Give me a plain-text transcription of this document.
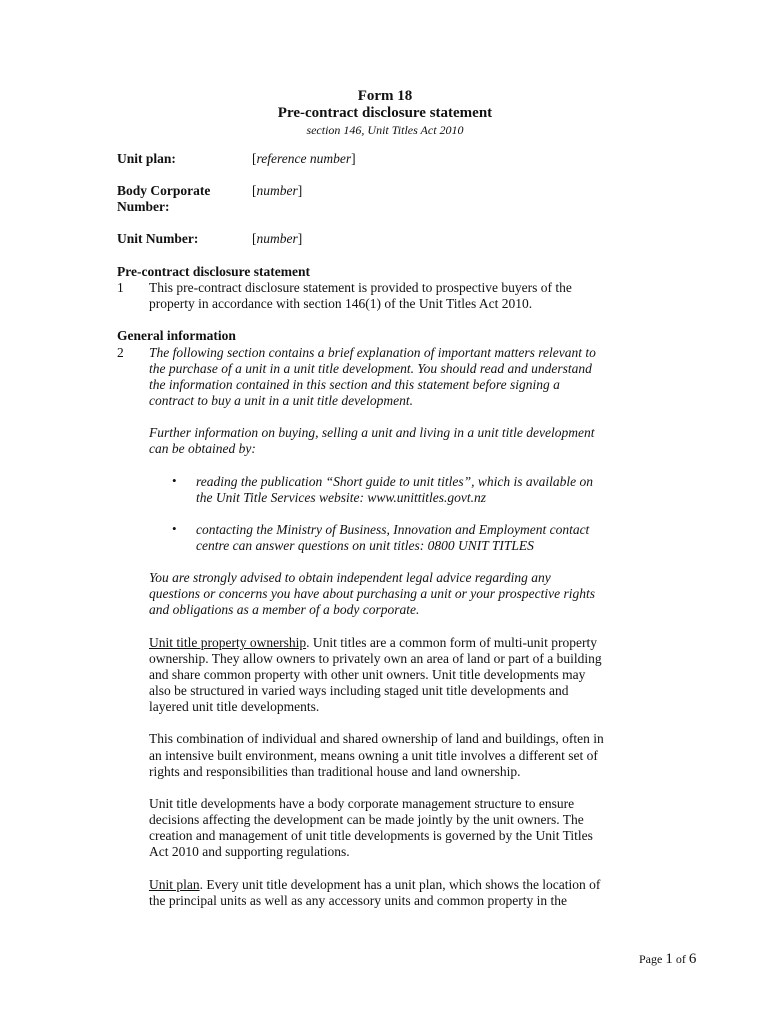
Form 18
Pre-contract disclosure statement
section 146, Unit Titles Act 2010
Unit plan:	[reference number]
Body Corporate
Number:
[number]
Unit Number:	[number]
Pre-contract disclosure statement
1 This pre-contract disclosure statement is provided to prospective buyers of the
property in accordance with section 146(1) of the Unit Titles Act 2010.
General information
2 The following section contains a brief explanation of important matters relevant to
the purchase of a unit in a unit title development. You should read and understand
the information contained in this section and this statement before signing a
contract to buy a unit in a unit title development.
Further information on buying, selling a unit and living in a unit title development
can be obtained by:
• reading the publication “Short guide to unit titles”, which is available on
the Unit Title Services website: www.unittitles.govt.nz
• contacting the Ministry of Business, Innovation and Employment contact
centre can answer questions on unit titles: 0800 UNIT TITLES
You are strongly advised to obtain independent legal advice regarding any
questions or concerns you have about purchasing a unit or your prospective rights
and obligations as a member of a body corporate.
Unit title property ownership. Unit titles are a common form of multi-unit property
ownership. They allow owners to privately own an area of land or part of a building
and share common property with other unit owners. Unit title developments may
also be structured in varied ways including staged unit title developments and
layered unit title developments.
This combination of individual and shared ownership of land and buildings, often in
an intensive built environment, means owning a unit title involves a different set of
rights and responsibilities than traditional house and land ownership.
Unit title developments have a body corporate management structure to ensure
decisions affecting the development can be made jointly by the unit owners. The
creation and management of unit title developments is governed by the Unit Titles
Act 2010 and supporting regulations.
Unit plan. Every unit title development has a unit plan, which shows the location of
the principal units as well as any accessory units and common property in the
Page 1 of 6
